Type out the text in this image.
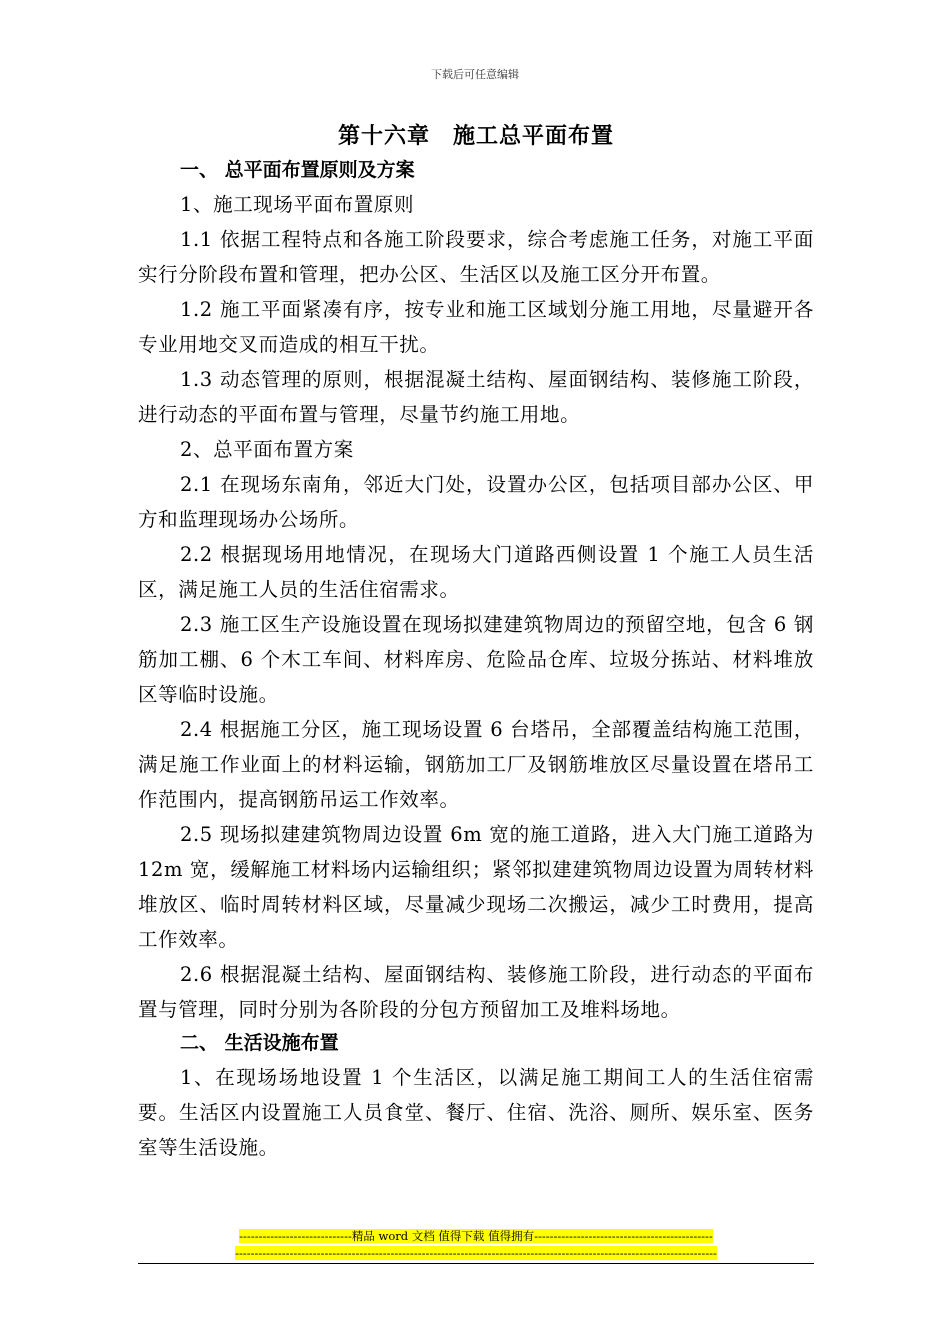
下载后可任意编辑
第十六章　施工总平面布置
一、 总平面布置原则及方案

1、施工现场平面布置原则

1.1 依据工程特点和各施工阶段要求，综合考虑施工任务，对施工平面实行分阶段布置和管理，把办公区、生活区以及施工区分开布置。

1.2 施工平面紧凑有序，按专业和施工区域划分施工用地，尽量避开各专业用地交叉而造成的相互干扰。

1.3 动态管理的原则，根据混凝土结构、屋面钢结构、装修施工阶段，进行动态的平面布置与管理，尽量节约施工用地。

2、总平面布置方案

2.1 在现场东南角，邻近大门处，设置办公区，包括项目部办公区、甲方和监理现场办公场所。

2.2 根据现场用地情况，在现场大门道路西侧设置 1 个施工人员生活区，满足施工人员的生活住宿需求。

2.3 施工区生产设施设置在现场拟建建筑物周边的预留空地，包含 6 钢筋加工棚、6 个木工车间、材料库房、危险品仓库、垃圾分拣站、材料堆放区等临时设施。

2.4 根据施工分区，施工现场设置 6 台塔吊，全部覆盖结构施工范围，满足施工作业面上的材料运输，钢筋加工厂及钢筋堆放区尽量设置在塔吊工作范围内，提高钢筋吊运工作效率。

2.5 现场拟建建筑物周边设置 6m 宽的施工道路，进入大门施工道路为 12m 宽，缓解施工材料场内运输组织；紧邻拟建建筑物周边设置为周转材料堆放区、临时周转材料区域，尽量减少现场二次搬运，减少工时费用，提高工作效率。

2.6 根据混凝土结构、屋面钢结构、装修施工阶段，进行动态的平面布置与管理，同时分别为各阶段的分包方预留加工及堆料场地。

二、 生活设施布置

1、在现场场地设置 1 个生活区，以满足施工期间工人的生活住宿需要。生活区内设置施工人员食堂、餐厅、住宿、洗浴、厕所、娱乐室、医务室等生活设施。

-----------------------------精品 word 文档 值得下载 值得拥有----------------------------------------------
----------------------------------------------------------------------------------------------------------------------------
